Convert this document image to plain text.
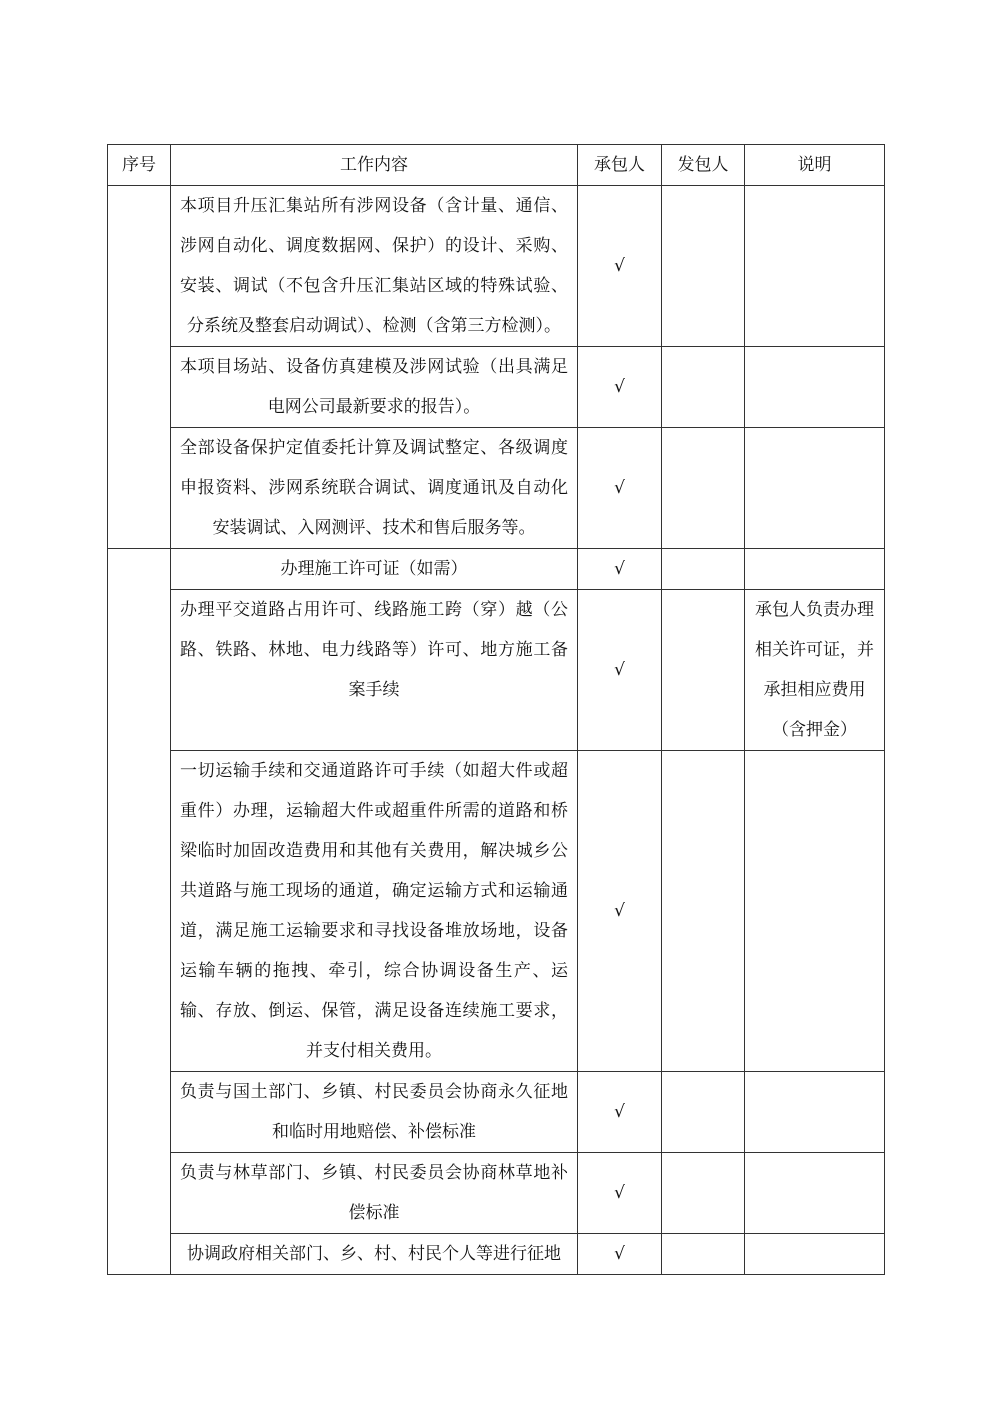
序号	工作内容	承包人	发包人	说明
	本项目升压汇集站所有涉网设备（含计量、通信、涉网自动化、调度数据网、保护）的设计、采购、安装、调试（不包含升压汇集站区域的特殊试验、分系统及整套启动调试）、检测（含第三方检测）。	√		
	本项目场站、设备仿真建模及涉网试验（出具满足电网公司最新要求的报告）。	√		
	全部设备保护定值委托计算及调试整定、各级调度申报资料、涉网系统联合调试、调度通讯及自动化安装调试、入网测评、技术和售后服务等。	√		
	办理施工许可证（如需）	√		
	办理平交道路占用许可、线路施工跨（穿）越（公路、铁路、林地、电力线路等）许可、地方施工备案手续	√		承包人负责办理相关许可证，并承担相应费用（含押金）
	一切运输手续和交通道路许可手续（如超大件或超重件）办理，运输超大件或超重件所需的道路和桥梁临时加固改造费用和其他有关费用，解决城乡公共道路与施工现场的通道，确定运输方式和运输通道，满足施工运输要求和寻找设备堆放场地，设备运输车辆的拖拽、牵引，综合协调设备生产、运输、存放、倒运、保管，满足设备连续施工要求，并支付相关费用。	√		
	负责与国土部门、乡镇、村民委员会协商永久征地和临时用地赔偿、补偿标准	√		
	负责与林草部门、乡镇、村民委员会协商林草地补偿标准	√		
	协调政府相关部门、乡、村、村民个人等进行征地	√		
